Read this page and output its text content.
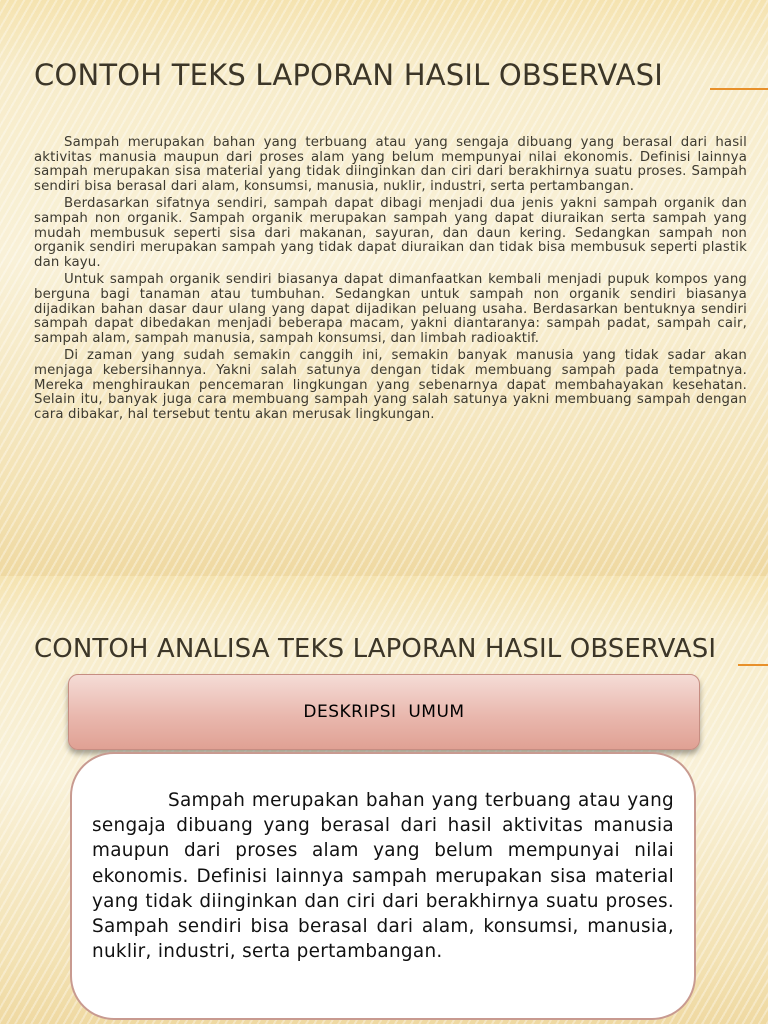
CONTOH TEKS LAPORAN HASIL OBSERVASI

Sampah merupakan bahan yang terbuang atau yang sengaja dibuang yang berasal dari hasil aktivitas manusia maupun dari proses alam yang belum mempunyai nilai ekonomis. Definisi lainnya sampah merupakan sisa material yang tidak diinginkan dan ciri dari berakhirnya suatu proses. Sampah sendiri bisa berasal dari alam, konsumsi, manusia, nuklir, industri, serta pertambangan.

Berdasarkan sifatnya sendiri, sampah dapat dibagi menjadi dua jenis yakni sampah organik dan sampah non organik. Sampah organik merupakan sampah yang dapat diuraikan serta sampah yang mudah membusuk seperti sisa dari makanan, sayuran, dan daun kering. Sedangkan sampah non organik sendiri merupakan sampah yang tidak dapat diuraikan dan tidak bisa membusuk seperti plastik dan kayu.

Untuk sampah organik sendiri biasanya dapat dimanfaatkan kembali menjadi pupuk kompos yang berguna bagi tanaman atau tumbuhan. Sedangkan untuk sampah non organik sendiri biasanya dijadikan bahan dasar daur ulang yang dapat dijadikan peluang usaha. Berdasarkan bentuknya sendiri sampah dapat dibedakan menjadi beberapa macam, yakni diantaranya: sampah padat, sampah cair, sampah alam, sampah manusia, sampah konsumsi, dan limbah radioaktif.

Di zaman yang sudah semakin canggih ini, semakin banyak manusia yang tidak sadar akan menjaga kebersihannya. Yakni salah satunya dengan tidak membuang sampah pada tempatnya. Mereka menghiraukan pencemaran lingkungan yang sebenarnya dapat membahayakan kesehatan. Selain itu, banyak juga cara membuang sampah yang salah satunya yakni membuang sampah dengan cara dibakar, hal tersebut tentu akan merusak lingkungan.

CONTOH ANALISA TEKS LAPORAN HASIL OBSERVASI
DESKRIPSI  UMUM

Sampah merupakan bahan yang terbuang atau yang sengaja dibuang yang berasal dari hasil aktivitas manusia maupun dari proses alam yang belum mempunyai nilai ekonomis. Definisi lainnya sampah merupakan sisa material yang tidak diinginkan dan ciri dari berakhirnya suatu proses. Sampah sendiri bisa berasal dari alam, konsumsi, manusia, nuklir, industri, serta pertambangan.
